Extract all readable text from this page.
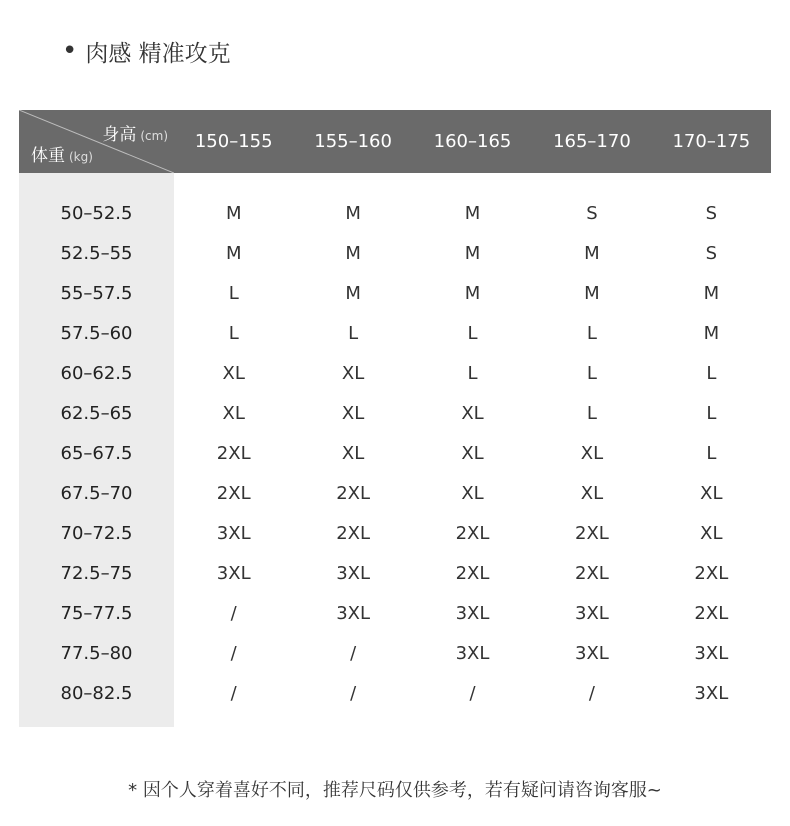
• 肉感 精准攻克
身高 (cm)
体重 (kg)
150–155	155–160	160–165	165–170	170–175
50–52.5	M	M	M	S	S
52.5–55	M	M	M	M	S
55–57.5	L	M	M	M	M
57.5–60	L	L	L	L	M
60–62.5	XL	XL	L	L	L
62.5–65	XL	XL	XL	L	L
65–67.5	2XL	XL	XL	XL	L
67.5–70	2XL	2XL	XL	XL	XL
70–72.5	3XL	2XL	2XL	2XL	XL
72.5–75	3XL	3XL	2XL	2XL	2XL
75–77.5	/	3XL	3XL	3XL	2XL
77.5–80	/	/	3XL	3XL	3XL
80–82.5	/	/	/	/	3XL
* 因个人穿着喜好不同，推荐尺码仅供参考，若有疑问请咨询客服~
